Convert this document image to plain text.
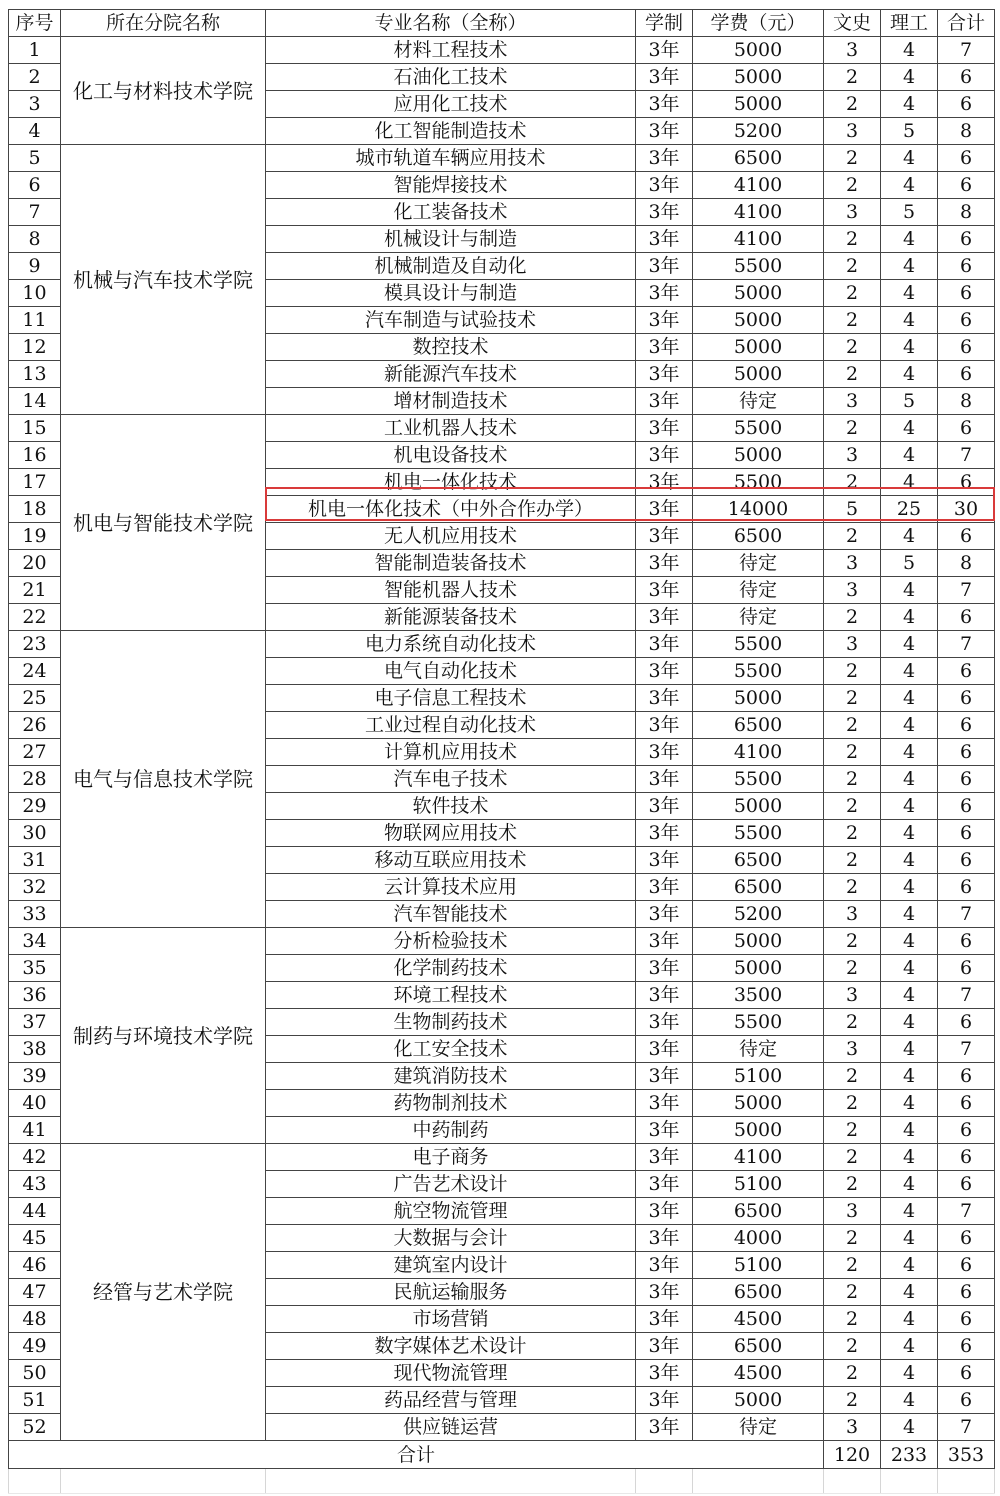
序号	所在分院名称	专业名称（全称）	学制	学费（元）	文史	理工	合计
1	化工与材料技术学院	材料工程技术	3年	5000	3	4	7
2		石油化工技术	3年	5000	2	4	6
3		应用化工技术	3年	5000	2	4	6
4		化工智能制造技术	3年	5200	3	5	8
5	机械与汽车技术学院	城市轨道车辆应用技术	3年	6500	2	4	6
6		智能焊接技术	3年	4100	2	4	6
7		化工装备技术	3年	4100	3	5	8
8		机械设计与制造	3年	4100	2	4	6
9		机械制造及自动化	3年	5500	2	4	6
10		模具设计与制造	3年	5000	2	4	6
11		汽车制造与试验技术	3年	5000	2	4	6
12		数控技术	3年	5000	2	4	6
13		新能源汽车技术	3年	5000	2	4	6
14		增材制造技术	3年	待定	3	5	8
15	机电与智能技术学院	工业机器人技术	3年	5500	2	4	6
16		机电设备技术	3年	5000	3	4	7
17		机电一体化技术	3年	5500	2	4	6
18		机电一体化技术（中外合作办学）	3年	14000	5	25	30
19		无人机应用技术	3年	6500	2	4	6
20		智能制造装备技术	3年	待定	3	5	8
21		智能机器人技术	3年	待定	3	4	7
22		新能源装备技术	3年	待定	2	4	6
23	电气与信息技术学院	电力系统自动化技术	3年	5500	3	4	7
24		电气自动化技术	3年	5500	2	4	6
25		电子信息工程技术	3年	5000	2	4	6
26		工业过程自动化技术	3年	6500	2	4	6
27		计算机应用技术	3年	4100	2	4	6
28		汽车电子技术	3年	5500	2	4	6
29		软件技术	3年	5000	2	4	6
30		物联网应用技术	3年	5500	2	4	6
31		移动互联应用技术	3年	6500	2	4	6
32		云计算技术应用	3年	6500	2	4	6
33		汽车智能技术	3年	5200	3	4	7
34	制药与环境技术学院	分析检验技术	3年	5000	2	4	6
35		化学制药技术	3年	5000	2	4	6
36		环境工程技术	3年	3500	3	4	7
37		生物制药技术	3年	5500	2	4	6
38		化工安全技术	3年	待定	3	4	7
39		建筑消防技术	3年	5100	2	4	6
40		药物制剂技术	3年	5000	2	4	6
41		中药制药	3年	5000	2	4	6
42	经管与艺术学院	电子商务	3年	4100	2	4	6
43		广告艺术设计	3年	5100	2	4	6
44		航空物流管理	3年	6500	3	4	7
45		大数据与会计	3年	4000	2	4	6
46		建筑室内设计	3年	5100	2	4	6
47		民航运输服务	3年	6500	2	4	6
48		市场营销	3年	4500	2	4	6
49		数字媒体艺术设计	3年	6500	2	4	6
50		现代物流管理	3年	4500	2	4	6
51		药品经营与管理	3年	5000	2	4	6
52		供应链运营	3年	待定	3	4	7
合计					120	233	353
